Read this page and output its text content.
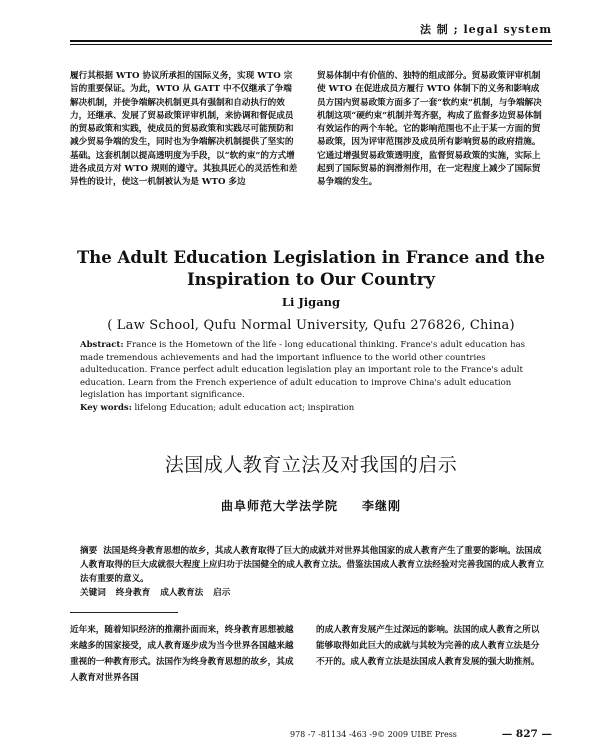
法 制 ; legal system

履行其根据 WTO 协议所承担的国际义务，实现 WTO 宗旨的重要保证。为此，WTO 从 GATT 中不仅继承了争端解决机制，并使争端解决机制更具有强制和自动执行的效力，还继承、发展了贸易政策评审机制，来协调和督促成员的贸易政策和实践，使成员的贸易政策和实践尽可能预防和减少贸易争端的发生，同时也为争端解决机制提供了坚实的基础。这套机制以提高透明度为手段，以“软约束”的方式增进各成员方对 WTO 规则的遵守。其独具匠心的灵活性和差异性的设计，使这一机制被认为是 WTO 多边

贸易体制中有价值的、独特的组成部分。贸易政策评审机制使 WTO 在促进成员方履行 WTO 体制下的义务和影响成员方国内贸易政策方面多了一套“软约束”机制，与争端解决机制这项“硬约束”机制并驾齐驱，构成了监督多边贸易体制有效运作的两个车轮。它的影响范围也不止于某一方面的贸易政策，因为评审范围涉及成员所有影响贸易的政府措施。它通过增强贸易政策透明度，监督贸易政策的实施，实际上起到了国际贸易的润滑剂作用，在一定程度上减少了国际贸易争端的发生。

The Adult Education Legislation in France and the Inspiration to Our Country
Li Jigang
( Law School, Qufu Normal University, Qufu 276826, China)

Abstract: France is the Hometown of the life - long educational thinking. France's adult education has made tremendous achievements and had the important influence to the world other countries adulteducation. France perfect adult education legislation play an important role to the France's adult education. Learn from the French experience of adult education to improve China's adult education legislation has important significance.

Key words: lifelong Education; adult education act; inspiration

法国成人教育立法及对我国的启示
曲阜师范大学法学院 李继刚

摘要 法国是终身教育思想的故乡，其成人教育取得了巨大的成就并对世界其他国家的成人教育产生了重要的影响。法国成人教育取得的巨大成就很大程度上应归功于法国健全的成人教育立法。借鉴法国成人教育立法经验对完善我国的成人教育立法有重要的意义。

关键词 终身教育 成人教育法 启示

近年来，随着知识经济的推潮扑面而来，终身教育思想被越来越多的国家接受，成人教育逐步成为当今世界各国越来越重视的一种教育形式。法国作为终身教育思想的故乡，其成人教育对世界各国

的成人教育发展产生过深远的影响。法国的成人教育之所以能够取得如此巨大的成就与其较为完善的成人教育立法是分不开的。成人教育立法是法国成人教育发展的强大助推剂。

978 -7 -81134 -463 -9© 2009 UIBE Press	— 827 —
